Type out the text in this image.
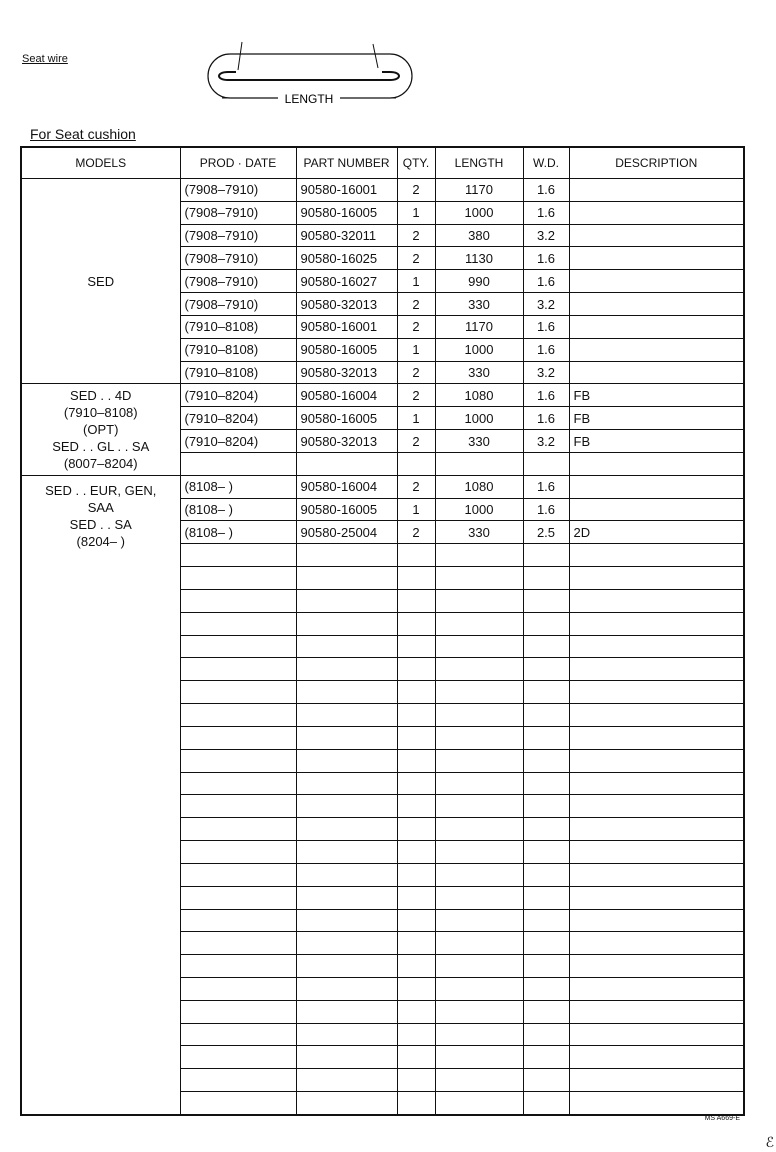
Seat wire
LENGTH
For Seat cushion
MODELS	PROD · DATE	PART NUMBER	QTY.	LENGTH	W.D.	DESCRIPTION

SED	(7908–7910)	90580-16001	2	1170	1.6	
	(7908–7910)	90580-16005	1	1000	1.6	
	(7908–7910)	90580-32011	2	380	3.2	
	(7908–7910)	90580-16025	2	1130	1.6	
	(7908–7910)	90580-16027	1	990	1.6	
	(7908–7910)	90580-32013	2	330	3.2	
	(7910–8108)	90580-16001	2	1170	1.6	
	(7910–8108)	90580-16005	1	1000	1.6	
	(7910–8108)	90580-32013	2	330	3.2	

SED . . 4D
(7910–8108)
(OPT)
SED . . GL . . SA
(8007–8204)	(7910–8204)	90580-16004	2	1080	1.6	FB
	(7910–8204)	90580-16005	1	1000	1.6	FB
	(7910–8204)	90580-32013	2	330	3.2	FB

SED . . EUR, GEN,
SAA
SED . . SA
(8204– )	(8108– )	90580-16004	2	1080	1.6	
	(8108– )	90580-16005	1	1000	1.6	
	(8108– )	90580-25004	2	330	2.5	2D

MS A669-E
ℰ
